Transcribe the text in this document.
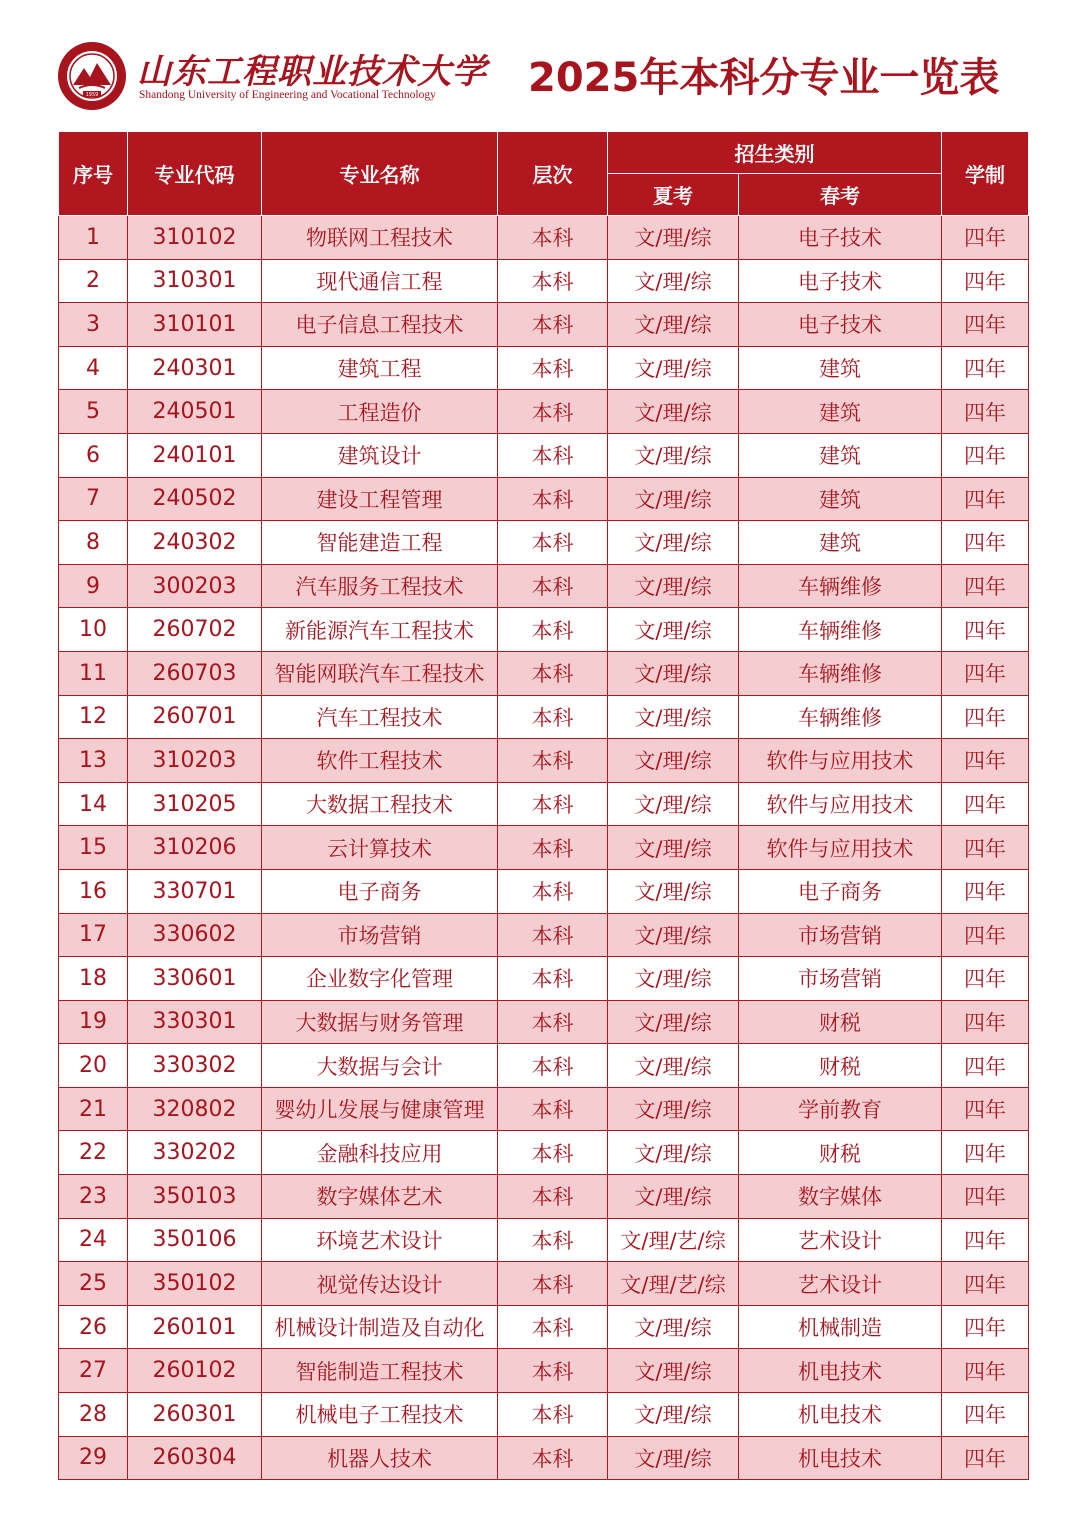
1959
山东工程职业技术大学
Shandong University of Engineering and Vocational Technology 2025年本科分专业一览表
序号	专业代码	专业名称	层次	招生类别		学制
				夏考	春考	
1	310102	物联网工程技术	本科	文/理/综	电子技术	四年
2	310301	现代通信工程	本科	文/理/综	电子技术	四年
3	310101	电子信息工程技术	本科	文/理/综	电子技术	四年
4	240301	建筑工程	本科	文/理/综	建筑	四年
5	240501	工程造价	本科	文/理/综	建筑	四年
6	240101	建筑设计	本科	文/理/综	建筑	四年
7	240502	建设工程管理	本科	文/理/综	建筑	四年
8	240302	智能建造工程	本科	文/理/综	建筑	四年
9	300203	汽车服务工程技术	本科	文/理/综	车辆维修	四年
10	260702	新能源汽车工程技术	本科	文/理/综	车辆维修	四年
11	260703	智能网联汽车工程技术	本科	文/理/综	车辆维修	四年
12	260701	汽车工程技术	本科	文/理/综	车辆维修	四年
13	310203	软件工程技术	本科	文/理/综	软件与应用技术	四年
14	310205	大数据工程技术	本科	文/理/综	软件与应用技术	四年
15	310206	云计算技术	本科	文/理/综	软件与应用技术	四年
16	330701	电子商务	本科	文/理/综	电子商务	四年
17	330602	市场营销	本科	文/理/综	市场营销	四年
18	330601	企业数字化管理	本科	文/理/综	市场营销	四年
19	330301	大数据与财务管理	本科	文/理/综	财税	四年
20	330302	大数据与会计	本科	文/理/综	财税	四年
21	320802	婴幼儿发展与健康管理	本科	文/理/综	学前教育	四年
22	330202	金融科技应用	本科	文/理/综	财税	四年
23	350103	数字媒体艺术	本科	文/理/综	数字媒体	四年
24	350106	环境艺术设计	本科	文/理/艺/综	艺术设计	四年
25	350102	视觉传达设计	本科	文/理/艺/综	艺术设计	四年
26	260101	机械设计制造及自动化	本科	文/理/综	机械制造	四年
27	260102	智能制造工程技术	本科	文/理/综	机电技术	四年
28	260301	机械电子工程技术	本科	文/理/综	机电技术	四年
29	260304	机器人技术	本科	文/理/综	机电技术	四年
